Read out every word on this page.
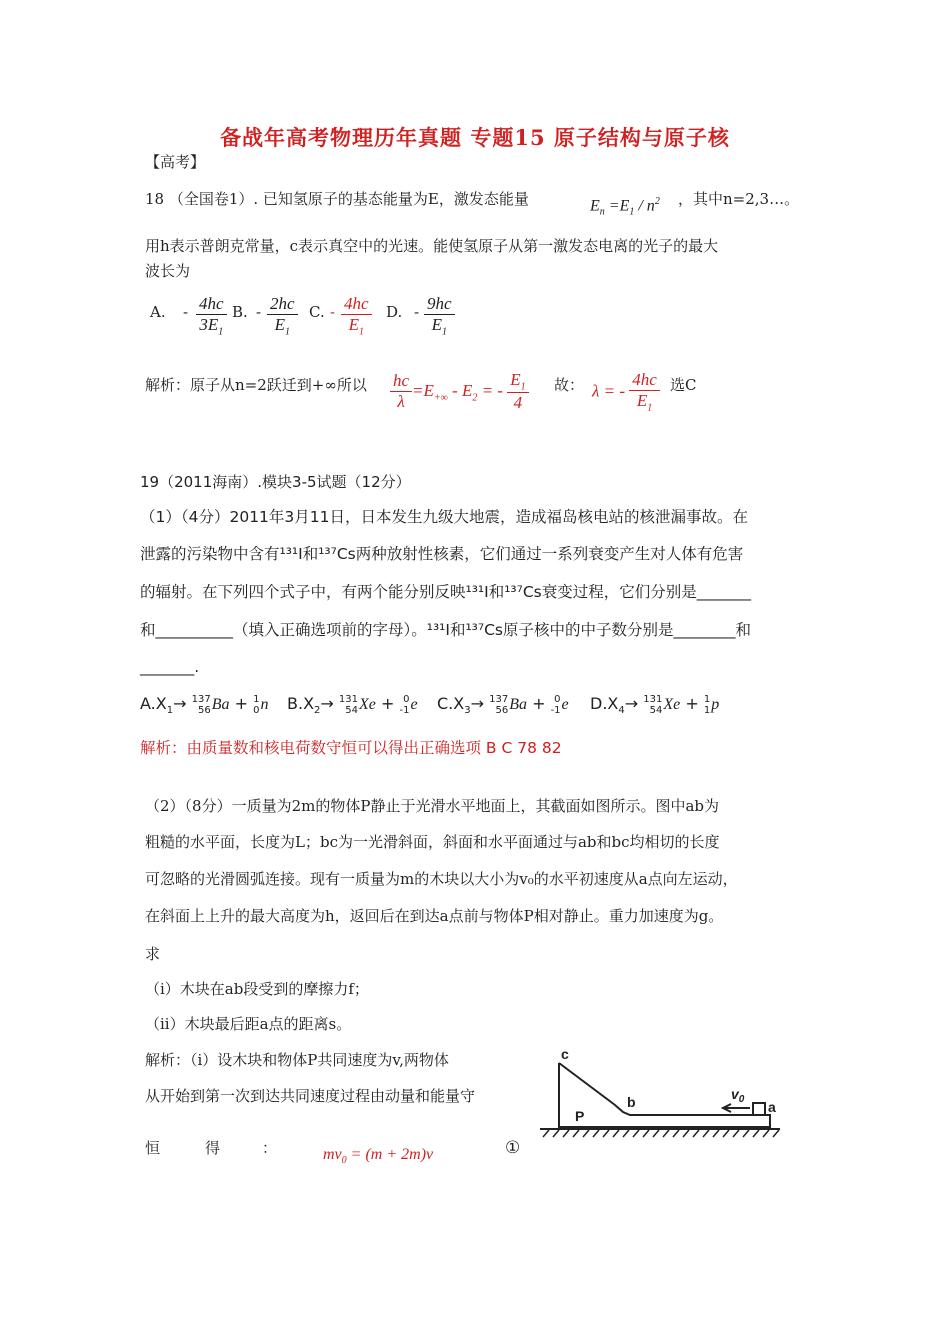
备战年高考物理历年真题 专题15 原子结构与原子核
【高考】
18 （全国卷1）. 已知氢原子的基态能量为E，激发态能量	$E_n =E_1 / n^2$ ，其中n=2,3…。
用h表示普朗克常量，c表示真空中的光速。能使氢原子从第一激发态电离的光子的最大
波长为
A. - $\frac{4hc}{3E_1} B$. - $\frac{2hc}{E_1} C$. - $\frac{4hc}{E_1} D$. - $\frac{9hc}{E_1}$
解析：原子从n=2跃迁到+∞所以 $\frac{hc}{\lambda} =E_{+\infty} - E_2$ = - $\frac{E_1}{4}$ 故： λ = - $\frac{4hc}{E_1}$ 选C
19（2011海南）.模块3-5试题（12分）
（1）（4分）2011年3月11日，日本发生九级大地震，造成福岛核电站的核泄漏事故。在
泄露的污染物中含有¹³¹I和¹³⁷Cs两种放射性核素，它们通过一系列衰变产生对人体有危害
的辐射。在下列四个式子中，有两个能分别反映¹³¹I和¹³⁷Cs衰变过程，它们分别是_______
和__________（填入正确选项前的字母）。¹³¹I和¹³⁷Cs原子核中的中子数分别是________和
_______.
$A.X_1\to 137$
56 Ba + 1
0 n $B.X_2\to 131$
54 Xe + 0
-1 e $C.X_3\to 137$
56 Ba + 0
-1 e $D.X_4\to 131$
54 Xe + 1
1 p
解析：由质量数和核电荷数守恒可以得出正确选项 B C 78 82
（2）（8分）一质量为2m的物体P静止于光滑水平地面上，其截面如图所示。图中ab为
粗糙的水平面，长度为L；bc为一光滑斜面，斜面和水平面通过与ab和bc均相切的长度
可忽略的光滑圆弧连接。现有一质量为m的木块以大小为v₀的水平初速度从a点向左运动，
在斜面上上升的最大高度为h，返回后在到达a点前与物体P相对静止。重力加速度为g。
求
（i）木块在ab段受到的摩擦力f；
（ii）木块最后距a点的距离s。
解析：（i）设木块和物体P共同速度为v,两物体
从开始到第一次到达共同速度过程由动量和能量守
恒	得	：	$mv_0 = (m + 2m)v$	①
c
b
P
a
$v_0$
